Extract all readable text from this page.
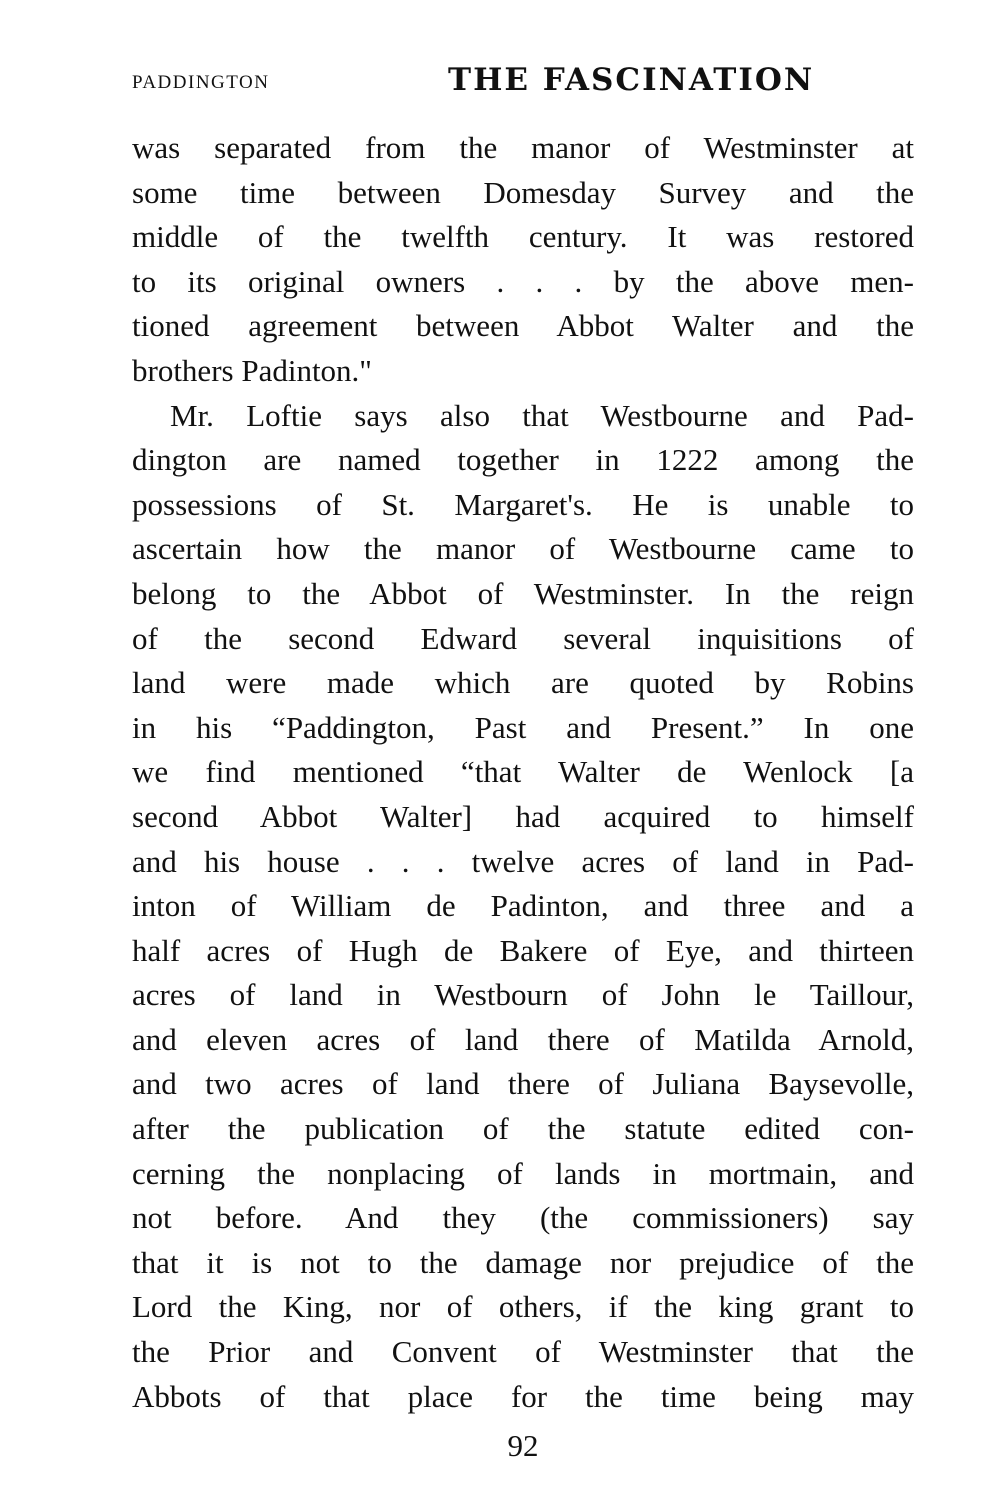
PADDINGTON	THE FASCINATION
was separated from the manor of Westminster at
some time between Domesday Survey and the
middle of the twelfth century. It was restored
to its original owners . . . by the above men-
tioned agreement between Abbot Walter and the
brothers Padinton."
Mr. Loftie says also that Westbourne and Pad-
dington are named together in 1222 among the
possessions of St. Margaret's. He is unable to
ascertain how the manor of Westbourne came to
belong to the Abbot of Westminster. In the reign
of the second Edward several inquisitions of
land were made which are quoted by Robins
in his “Paddington, Past and Present.” In one
we find mentioned “that Walter de Wenlock [a
second Abbot Walter] had acquired to himself
and his house . . . twelve acres of land in Pad-
inton of William de Padinton, and three and a
half acres of Hugh de Bakere of Eye, and thirteen
acres of land in Westbourn of John le Taillour,
and eleven acres of land there of Matilda Arnold,
and two acres of land there of Juliana Baysevolle,
after the publication of the statute edited con-
cerning the nonplacing of lands in mortmain, and
not before. And they (the commissioners) say
that it is not to the damage nor prejudice of the
Lord the King, nor of others, if the king grant to
the Prior and Convent of Westminster that the
Abbots of that place for the time being may
92
